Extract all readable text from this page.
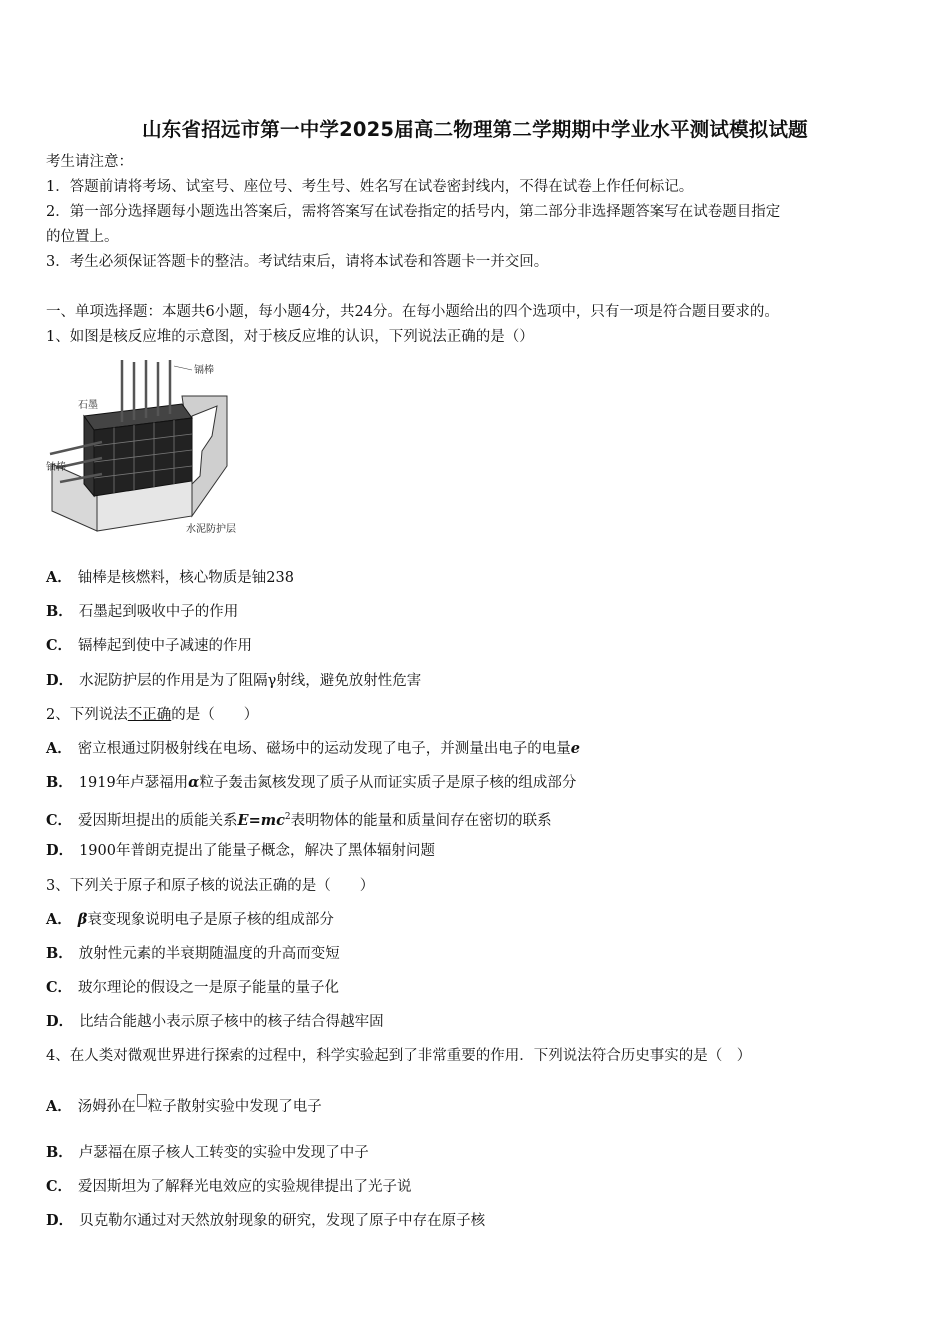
山东省招远市第一中学2025届高二物理第二学期期中学业水平测试模拟试题
考生请注意：
1．答题前请将考场、试室号、座位号、考生号、姓名写在试卷密封线内，不得在试卷上作任何标记。
2．第一部分选择题每小题选出答案后，需将答案写在试卷指定的括号内，第二部分非选择题答案写在试卷题目指定
的位置上。
3．考生必须保证答题卡的整洁。考试结束后，请将本试卷和答题卡一并交回。
一、单项选择题：本题共6小题，每小题4分，共24分。在每小题给出的四个选项中，只有一项是符合题目要求的。
1、如图是核反应堆的示意图，对于核反应堆的认识，下列说法正确的是（）
镉棒
石墨
铀棒
水泥防护层
A． 铀棒是核燃料，核心物质是铀238
B． 石墨起到吸收中子的作用
C． 镉棒起到使中子减速的作用
D． 水泥防护层的作用是为了阻隔γ射线，避免放射性危害
2、下列说法不正确的是（　　）
A． 密立根通过阴极射线在电场、磁场中的运动发现了电子，并测量出电子的电量e
B． 1919年卢瑟福用α粒子轰击氮核发现了质子从而证实质子是原子核的组成部分
C． 爱因斯坦提出的质能关系$E=mc^2$表明物体的能量和质量间存在密切的联系
D． 1900年普朗克提出了能量子概念，解决了黑体辐射问题
3、下列关于原子和原子核的说法正确的是（　　）
A． β衰变现象说明电子是原子核的组成部分
B． 放射性元素的半衰期随温度的升高而变短
C． 玻尔理论的假设之一是原子能量的量子化
D． 比结合能越小表示原子核中的核子结合得越牢固
4、在人类对微观世界进行探索的过程中，科学实验起到了非常重要的作用．下列说法符合历史事实的是（　）
A． 汤姆孙在 粒子散射实验中发现了电子
B． 卢瑟福在原子核人工转变的实验中发现了中子
C． 爱因斯坦为了解释光电效应的实验规律提出了光子说
D． 贝克勒尔通过对天然放射现象的研究，发现了原子中存在原子核
